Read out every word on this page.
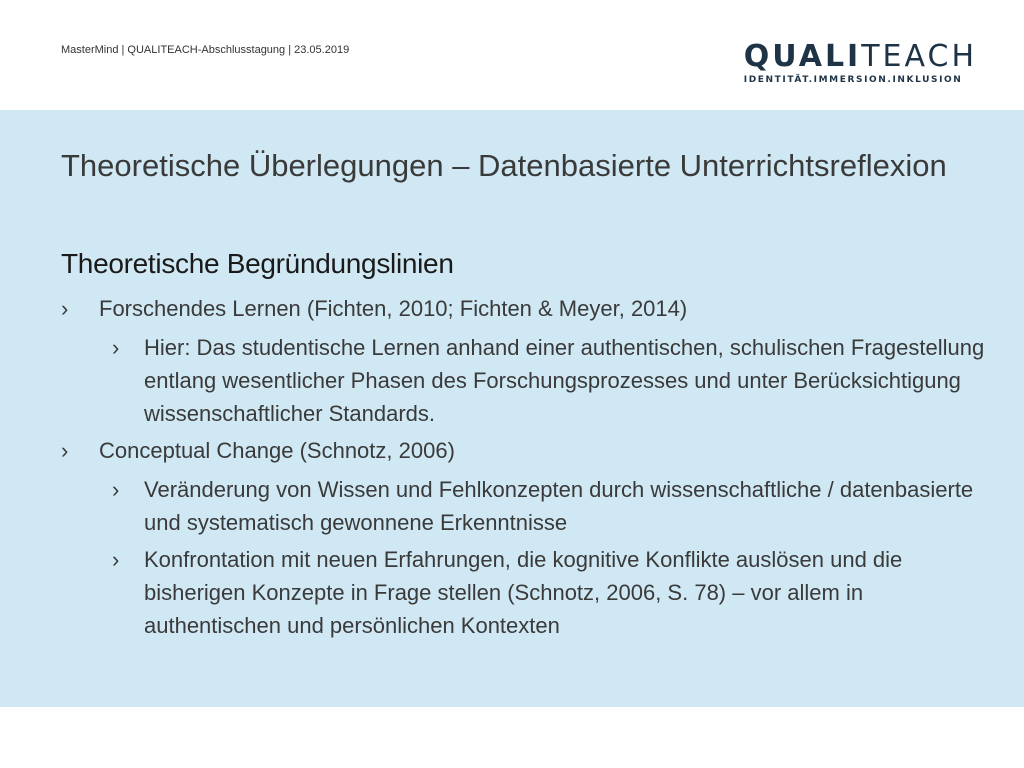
MasterMind | QUALITEACH-Abschlusstagung | 23.05.2019	QUALITEACH
IDENTITÄT.IMMERSION.INKLUSION
Theoretische Überlegungen – Datenbasierte Unterrichtsreflexion
Theoretische Begründungslinien
›	Forschendes Lernen (Fichten, 2010; Fichten & Meyer, 2014)
›	Hier: Das studentische Lernen anhand einer authentischen, schulischen Fragestellung entlang wesentlicher Phasen des Forschungsprozesses und unter Berücksichtigung wissenschaftlicher Standards.
›	Conceptual Change (Schnotz, 2006)
›	Veränderung von Wissen und Fehlkonzepten durch wissenschaftliche / datenbasierte und systematisch gewonnene Erkenntnisse
›	Konfrontation mit neuen Erfahrungen, die kognitive Konflikte auslösen und die bisherigen Konzepte in Frage stellen (Schnotz, 2006, S. 78) – vor allem in authentischen und persönlichen Kontexten
